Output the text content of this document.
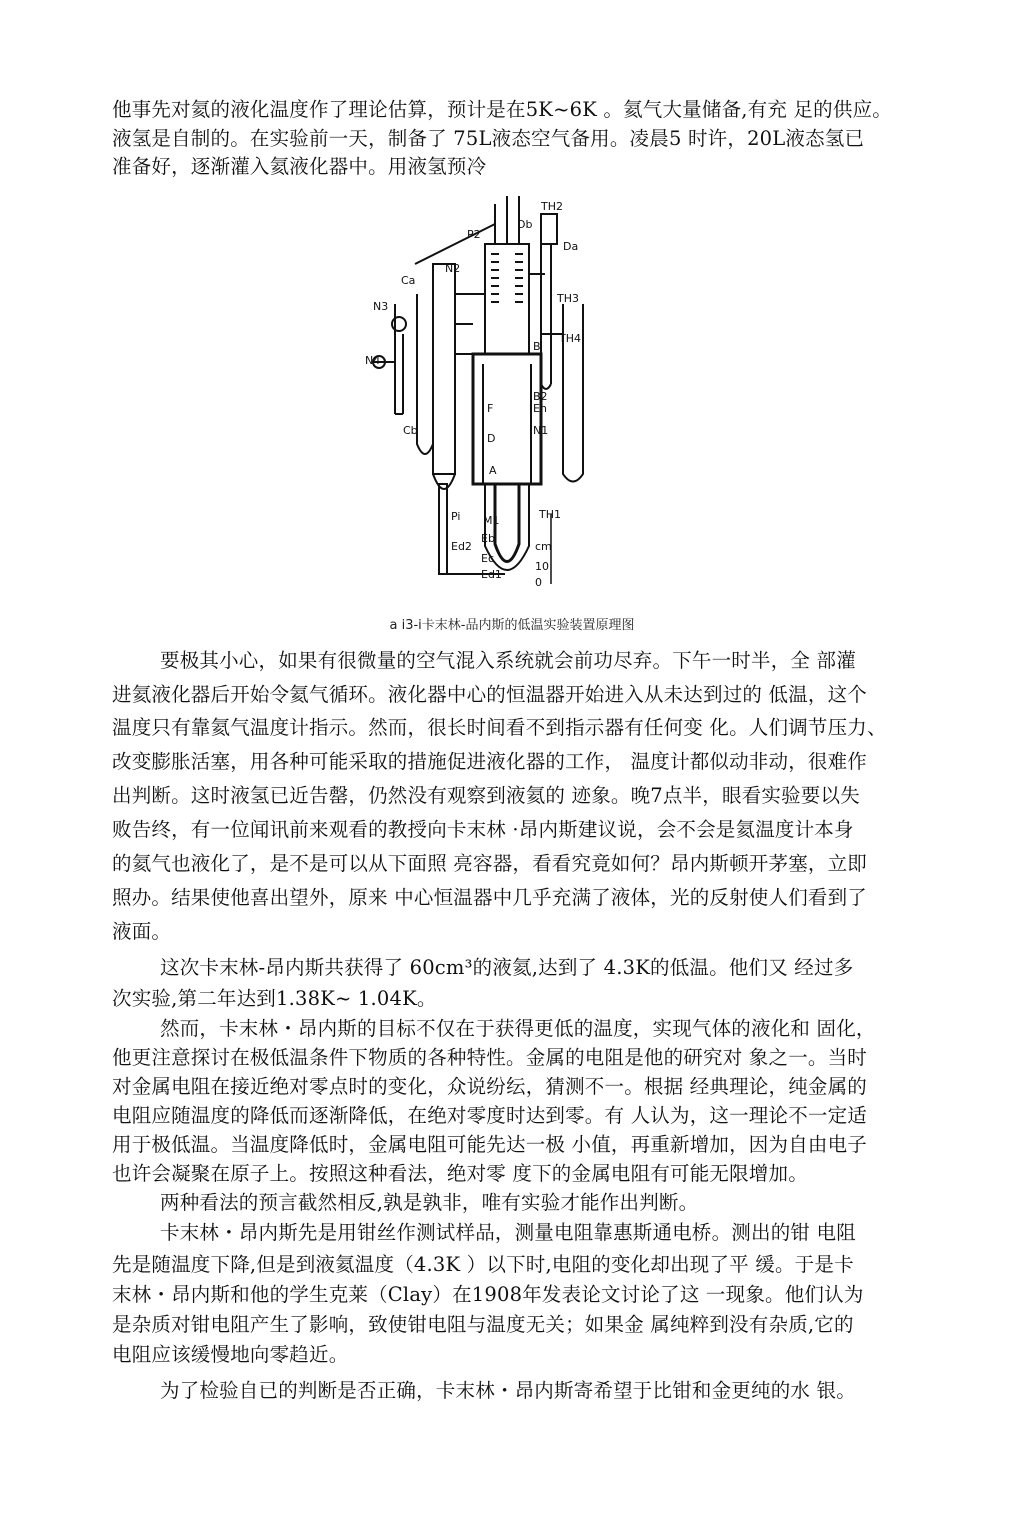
他事先对氦的液化温度作了理论估算，预计是在5K~6K 。氦气大量储备,有充 足的供应。
液氢是自制的。在实验前一天，制备了 75L液态空气备用。凌晨5 时许，20L液态氢已
准备好，逐渐灌入氦液化器中。用液氢预冷
TH2
Db
Da
P2
N2
Ca
TH3
N3
TH4
N4
B
B2
En
N1
Cb
F
D
A
Pi M1	TH1
Ed2
Eb
Ec
Ed1
cm
10
0
a i3-i卡末林-品内斯的低温实验装置原理图
要极其小心，如果有很微量的空气混入系统就会前功尽弃。下午一时半，全 部灌
进氦液化器后开始令氦气循环。液化器中心的恒温器开始进入从未达到过的 低温，这个
温度只有靠氦气温度计指示。然而，很长时间看不到指示器有任何变 化。人们调节压力、
改变膨胀活塞，用各种可能采取的措施促进液化器的工作， 温度计都似动非动，很难作
出判断。这时液氢已近告罄，仍然没有观察到液氦的 迹象。晚7点半，眼看实验要以失
败告终，有一位闻讯前来观看的教授向卡末林 ·昂内斯建议说，会不会是氦温度计本身
的氦气也液化了，是不是可以从下面照 亮容器，看看究竟如何？昂内斯顿开茅塞，立即
照办。结果使他喜出望外，原来 中心恒温器中几乎充满了液体，光的反射使人们看到了
液面。
这次卡末林-昂内斯共获得了 60cm³的液氦,达到了 4.3K的低温。他们又 经过多
次实验,第二年达到1.38K~ 1.04K。
然而，卡末林・昂内斯的目标不仅在于获得更低的温度，实现气体的液化和 固化，
他更注意探讨在极低温条件下物质的各种特性。金属的电阻是他的研究对 象之一。当时
对金属电阻在接近绝对零点时的变化，众说纷纭，猜测不一。根据 经典理论，纯金属的
电阻应随温度的降低而逐渐降低，在绝对零度时达到零。有 人认为，这一理论不一定适
用于极低温。当温度降低时，金属电阻可能先达一极 小值，再重新增加，因为自由电子
也许会凝聚在原子上。按照这种看法，绝对零 度下的金属电阻有可能无限增加。
两种看法的预言截然相反,孰是孰非，唯有实验才能作出判断。
卡末林・昂内斯先是用钳丝作测试样品，测量电阻靠惠斯通电桥。测出的钳 电阻
先是随温度下降,但是到液氦温度（4.3K ）以下时,电阻的变化却出现了平 缓。于是卡
末林・昂内斯和他的学生克莱（Clay）在1908年发表论文讨论了这 一现象。他们认为
是杂质对钳电阻产生了影响，致使钳电阻与温度无关；如果金 属纯粹到没有杂质,它的
电阻应该缓慢地向零趋近。
为了检验自已的判断是否正确，卡末林・昂内斯寄希望于比钳和金更纯的水 银。
